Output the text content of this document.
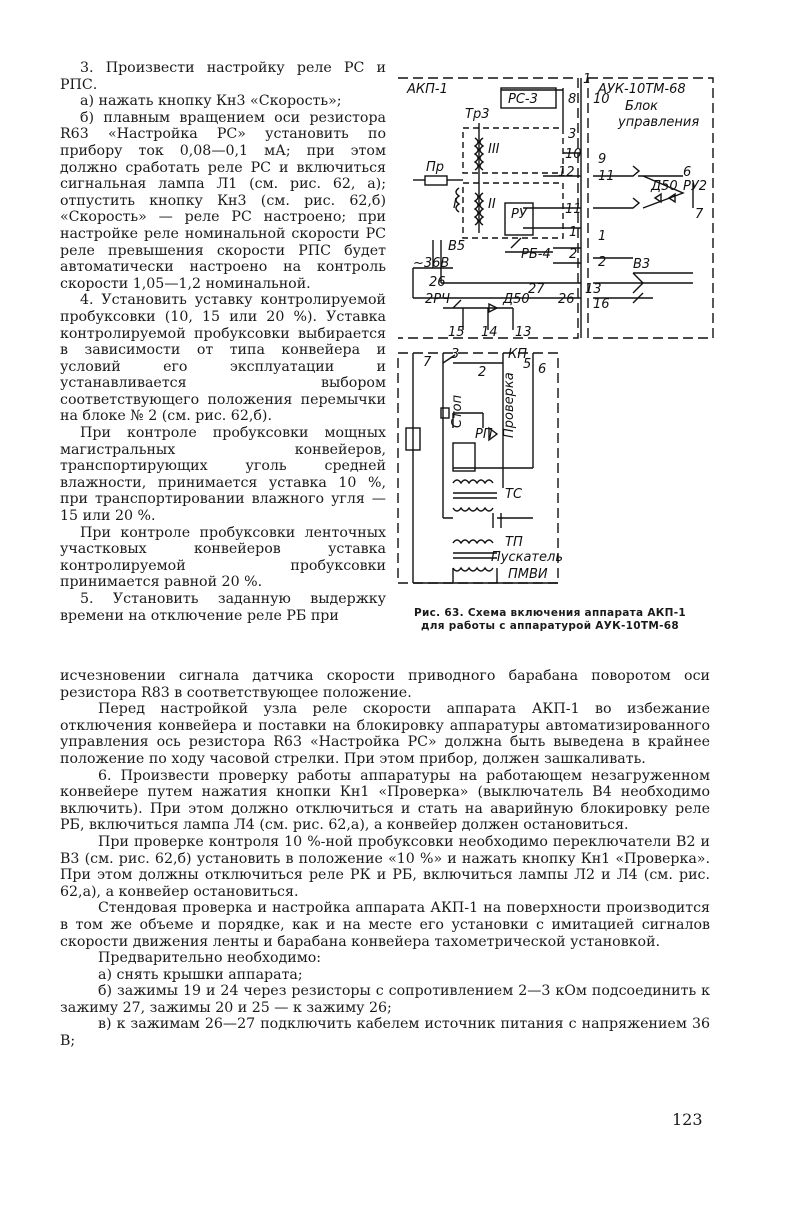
3. Произвести настройку реле РС и РПС.

а) нажать кнопку Кн3 «Скорость»;

б) плавным вращением оси резистора R63 «Настройка РС» установить по прибору ток 0,08—0,1 мА; при этом должно сработать реле РС и включиться сигнальная лампа Л1 (см. рис. 62, а); отпустить кнопку Кн3 (см. рис. 62,б) «Скорость» — реле РС настроено; при настройке реле номинальной скорости РС реле превышения скорости РПС будет автоматически настроено на контроль скорости 1,05—1,2 номинальной.

4. Установить уставку контролируемой пробуксовки (10, 15 или 20 %). Уставка контролируемой пробуксовки выбирается в зависимости от типа конвейера и условий его эксплуатации и устанавливается выбором соответствующего положения перемычки на блоке № 2 (см. рис. 62,б).

При контроле пробуксовки мощных магистральных конвейеров, транспортирующих уголь средней влажности, принимается уставка 10 %, при транспортировании влажного угля — 15 или 20 %.

При контроле пробуксовки ленточных участковых конвейеров уставка контролируемой пробуксовки принимается равной 20 %.

5. Установить заданную выдержку времени на отключение реле РБ при

АКП-1	АУК-10ТМ-68
Блок
управления
Тр3
РС-3
III
II
I
Пр
РУ
РБ-4
В5
~36В
2РЧ	Д50
Д50 РУ2
В3
КП
Стоп	Проверка
РП
ТС
ТП
Пускатель
ПМВИ
1
10
8
3
10 9
12 11	6
7
11
1 1
2
2
26	27
26
13
16
15 14 13
7
3
2
5 6
Рис. 63. Схема включения аппарата АКП-1 для работы с аппаратурой АУК-10ТМ-68

исчезновении сигнала датчика скорости приводного барабана поворотом оси резистора R83 в соответствующее положение.

Перед настройкой узла реле скорости аппарата АКП-1 во избежание отключения конвейера и поставки на блокировку аппаратуры автоматизированного управления ось резистора R63 «Настройка РС» должна быть выведена в крайнее положение по ходу часовой стрелки. При этом прибор, должен зашкаливать.

6. Произвести проверку работы аппаратуры на работающем незагруженном конвейере путем нажатия кнопки Кн1 «Проверка» (выключатель В4 необходимо включить). При этом должно отключиться и стать на аварийную блокировку реле РБ, включиться лампа Л4 (см. рис. 62,а), а конвейер должен остановиться.

При проверке контроля 10 %-ной пробуксовки необходимо переключатели В2 и В3 (см. рис. 62,б) установить в положение «10 %» и нажать кнопку Кн1 «Проверка». При этом должны отключиться реле РК и РБ, включиться лампы Л2 и Л4 (см. рис. 62,а), а конвейер остановиться.

Стендовая проверка и настройка аппарата АКП-1 на поверхности производится в том же объеме и порядке, как и на месте его установки с имитацией сигналов скорости движения ленты и барабана конвейера тахометрической установкой.

Предварительно необходимо:

а) снять крышки аппарата;

б) зажимы 19 и 24 через резисторы с сопротивлением 2—3 кОм подсоединить к зажиму 27, зажимы 20 и 25 — к зажиму 26;

в) к зажимам 26—27 подключить кабелем источник питания с напряжением 36 В;

123
